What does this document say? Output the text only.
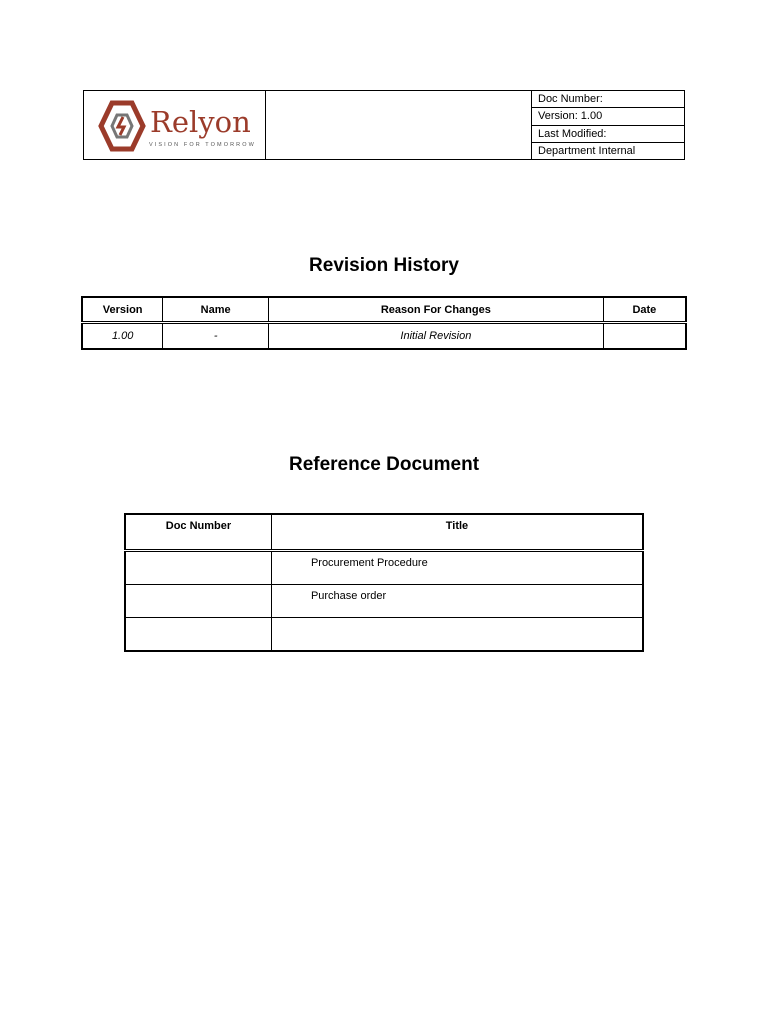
Relyon
VISION FOR TOMORROW
Doc Number:
Version: 1.00
Last Modified:
Department Internal
Revision History
Version	Name	Reason For Changes	Date
1.00	-	Initial Revision	
Reference Document
Doc Number	Title
	Procurement Procedure
	Purchase order
